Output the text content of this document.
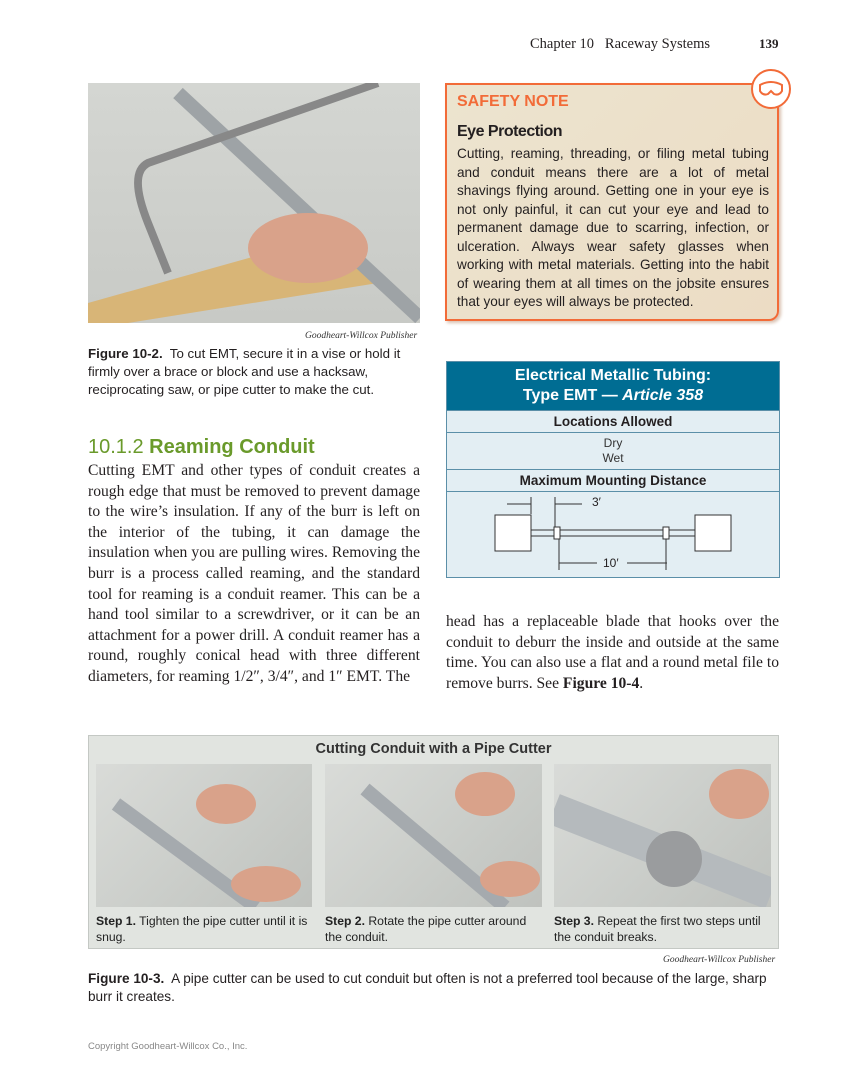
Chapter 10   Raceway Systems	139
Goodheart-Willcox Publisher
Figure 10-2. To cut EMT, secure it in a vise or hold it firmly over a brace or block and use a hacksaw, reciprocating saw, or pipe cutter to make the cut.
10.1.2 Reaming Conduit
Cutting EMT and other types of conduit creates a rough edge that must be removed to prevent damage to the wire’s insulation. If any of the burr is left on the interior of the tubing, it can damage the insulation when you are pulling wires. Removing the burr is a process called reaming, and the standard tool for reaming is a conduit reamer. This can be a hand tool similar to a screwdriver, or it can be an attachment for a power drill. A conduit reamer has a round, roughly conical head with three different diameters, for reaming 1/2″, 3/4″, and 1″ EMT. The
head has a replaceable blade that hooks over the conduit to deburr the inside and outside at the same time. You can also use a flat and a round metal file to remove burrs. See Figure 10-4.
SAFETY NOTE
Eye Protection
Cutting, reaming, threading, or filing metal tubing and conduit means there are a lot of metal shavings flying around. Getting one in your eye is not only painful, it can cut your eye and lead to permanent damage due to scarring, infection, or ulceration. Always wear safety glasses when working with metal materials. Getting into the habit of wearing them at all times on the jobsite ensures that your eyes will always be protected.
Electrical Metallic Tubing:
Type EMT — Article 358
Locations Allowed
Dry
Wet
Maximum Mounting Distance
3′
10′
Cutting Conduit with a Pipe Cutter
Step 1. Tighten the pipe cutter until it is snug.
Step 2. Rotate the pipe cutter around the conduit.
Step 3. Repeat the first two steps until the conduit breaks.
Goodheart-Willcox Publisher
Figure 10-3. A pipe cutter can be used to cut conduit but often is not a preferred tool because of the large, sharp burr it creates.
Copyright Goodheart-Willcox Co., Inc.
